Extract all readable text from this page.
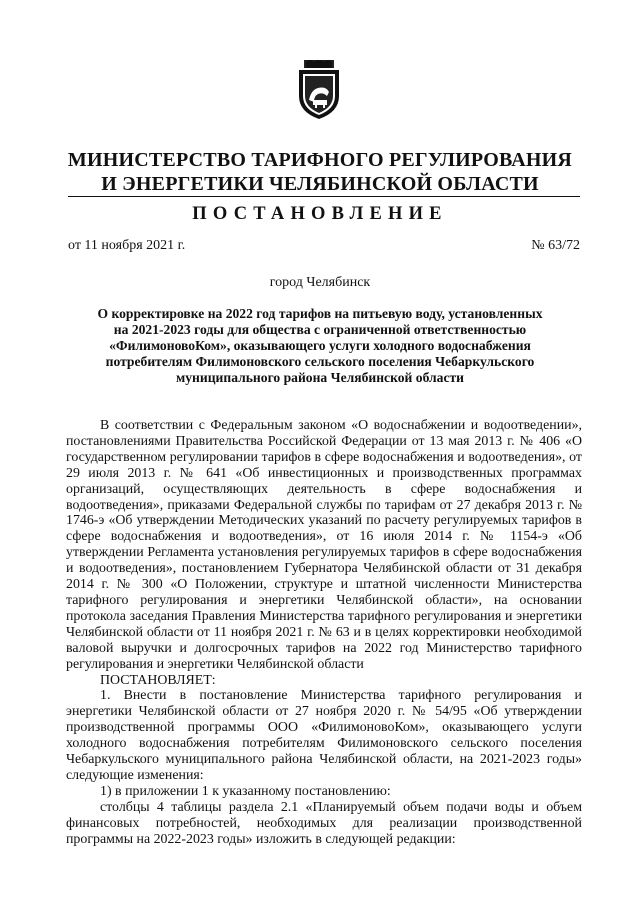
МИНИСТЕРСТВО ТАРИФНОГО РЕГУЛИРОВАНИЯ
И ЭНЕРГЕТИКИ ЧЕЛЯБИНСКОЙ ОБЛАСТИ
ПОСТАНОВЛЕНИЕ
от 11 ноября 2021 г.	№ 63/72
город Челябинск
О корректировке на 2022 год тарифов на питьевую воду, установленных
на 2021-2023 годы для общества с ограниченной ответственностью
«ФилимоновоКом», оказывающего услуги холодного водоснабжения
потребителям Филимоновского сельского поселения Чебаркульского
муниципального района Челябинской области

В соответствии с Федеральным законом «О водоснабжении и водоотведении», постановлениями Правительства Российской Федерации от 13 мая 2013 г. № 406 «О государственном регулировании тарифов в сфере водоснабжения и водоотведения», от 29 июля 2013 г. № 641 «Об инвестиционных и производственных программах организаций, осуществляющих деятельность в сфере водоснабжения и водоотведения», приказами Федеральной службы по тарифам от 27 декабря 2013 г. № 1746-э «Об утверждении Методических указаний по расчету регулируемых тарифов в сфере водоснабжения и водоотведения», от 16 июля 2014 г. № 1154-э «Об утверждении Регламента установления регулируемых тарифов в сфере водоснабжения и водоотведения», постановлением Губернатора Челябинской области от 31 декабря 2014 г. № 300 «О Положении, структуре и штатной численности Министерства тарифного регулирования и энергетики Челябинской области», на основании протокола заседания Правления Министерства тарифного регулирования и энергетики Челябинской области от 11 ноября 2021 г. № 63 и в целях корректировки необходимой валовой выручки и долгосрочных тарифов на 2022 год Министерство тарифного регулирования и энергетики Челябинской области

ПОСТАНОВЛЯЕТ:

1. Внести в постановление Министерства тарифного регулирования и энергетики Челябинской области от 27 ноября 2020 г. № 54/95 «Об утверждении производственной программы ООО «ФилимоновоКом», оказывающего услуги холодного водоснабжения потребителям Филимоновского сельского поселения Чебаркульского муниципального района Челябинской области, на 2021-2023 годы» следующие изменения:

1) в приложении 1 к указанному постановлению:

столбцы 4 таблицы раздела 2.1 «Планируемый объем подачи воды и объем финансовых потребностей, необходимых для реализации производственной программы на 2022-2023 годы» изложить в следующей редакции:
